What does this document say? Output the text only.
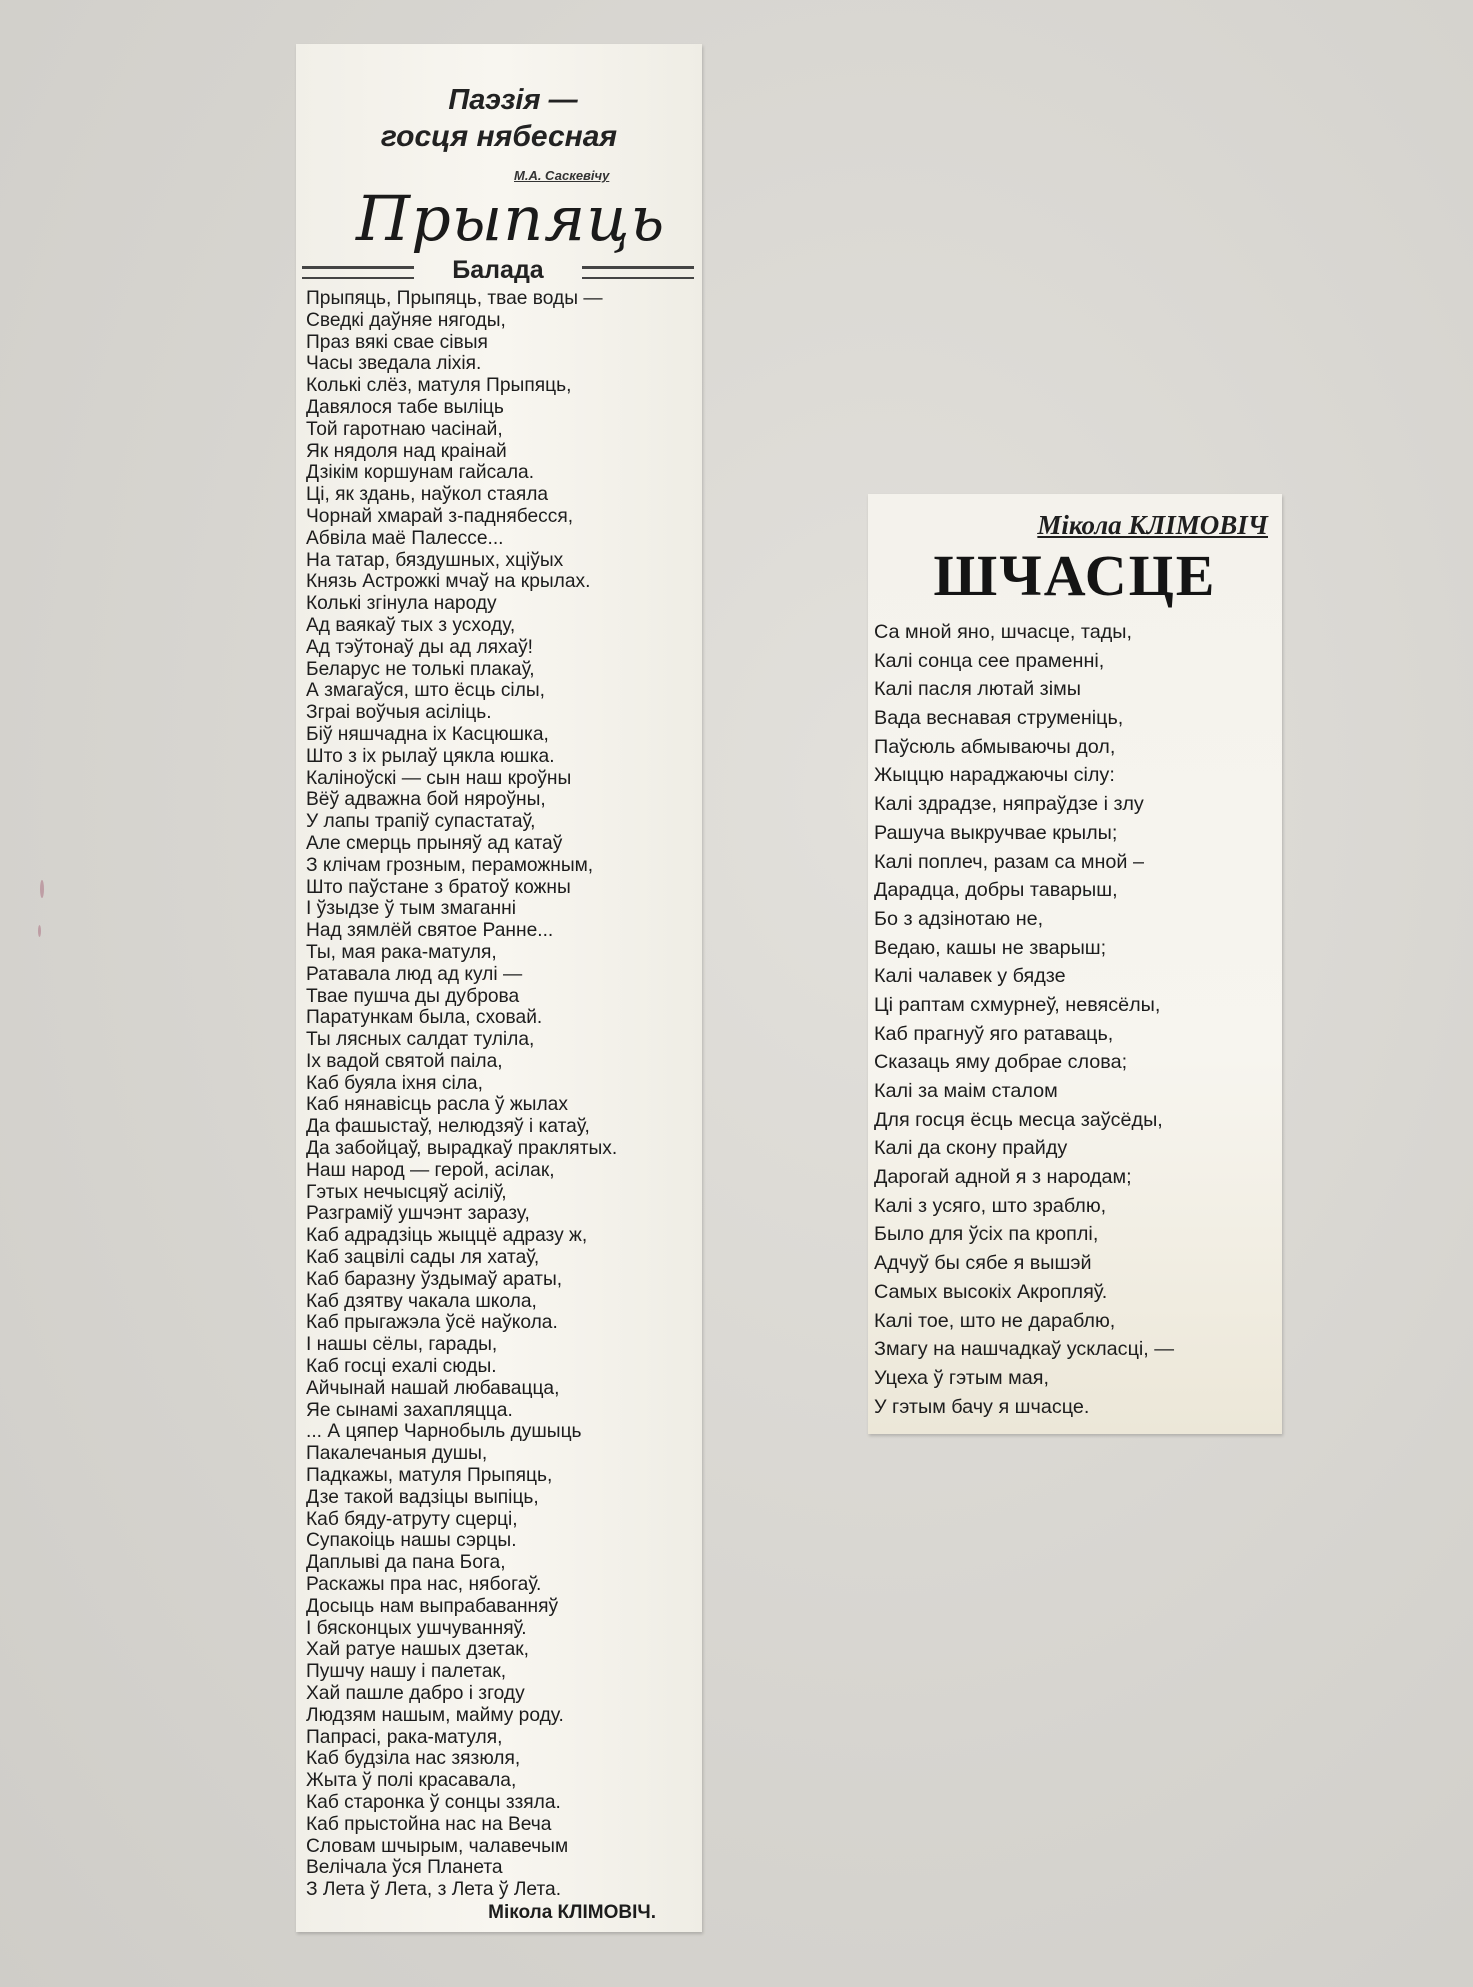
Паэзія —
госця нябесная
М.А. Саскевічу
Прыпяць
Балада
Прыпяць, Прыпяць, твае воды —
Сведкі даўняе нягоды,
Праз вякі свае сівыя
Часы зведала ліхія.
Колькі слёз, матуля Прыпяць,
Давялося табе выліць
Той гаротнаю часінай,
Як нядоля над краінай
Дзікім коршунам гайсала.
Ці, як здань, наўкол стаяла
Чорнай хмарай з-паднябесся,
Абвіла маё Палессе...
На татар, бяздушных, хціўых
Князь Астрожкі мчаў на крылах.
Колькі згінула народу
Ад ваякаў тых з усходу,
Ад тэўтонаў ды ад ляхаў!
Беларус не толькі плакаў,
А змагаўся, што ёсць сілы,
Зграі воўчыя асіліць.
Біў няшчадна іх Касцюшка,
Што з іх рылаў цякла юшка.
Каліноўскі — сын наш кроўны
Вёў адважна бой няроўны,
У лапы трапіў супастатаў,
Але смерць прыняў ад катаў
З клічам грозным, пераможным,
Што паўстане з братоў кожны
І ўзыдзе ў тым змаганні
Над зямлёй святое Ранне...
Ты, мая рака-матуля,
Ратавала люд ад кулі —
Твае пушча ды дуброва
Паратункам была, сховай.
Ты лясных салдат туліла,
Іх вадой святой паіла,
Каб буяла іхня сіла,
Каб нянавісць расла ў жылах
Да фашыстаў, нелюдзяў і катаў,
Да забойцаў, вырадкаў праклятых.
Наш народ — герой, асілак,
Гэтых нечысцяў асіліў,
Разграміў ушчэнт заразу,
Каб адрадзіць жыццё адразу ж,
Каб зацвілі сады ля хатаў,
Каб баразну ўздымаў араты,
Каб дзятву чакала школа,
Каб прыгажэла ўсё наўкола.
І нашы сёлы, гарады,
Каб госці ехалі сюды.
Айчынай нашай любавацца,
Яе сынамі захапляцца.
... А цяпер Чарнобыль душыць
Пакалечаныя душы,
Падкажы, матуля Прыпяць,
Дзе такой вадзіцы выпіць,
Каб бяду-атруту сцерці,
Супакоіць нашы сэрцы.
Даплыві да пана Бога,
Раскажы пра нас, нябогаў.
Досыць нам выпрабаванняў
І бясконцых ушчуванняў.
Хай ратуе нашых дзетак,
Пушчу нашу і палетак,
Хай пашле дабро і згоду
Людзям нашым, майму роду.
Папрасі, рака-матуля,
Каб будзіла нас зязюля,
Жыта ў полі красавала,
Каб старонка ў сонцы ззяла.
Каб прыстойна нас на Веча
Словам шчырым, чалавечым
Велічала ўся Планета
З Лета ў Лета, з Лета ў Лета.
Мікола КЛІМОВІЧ.
Мікола КЛІМОВІЧ
ШЧАСЦЕ
Са мной яно, шчасце, тады,
Калі сонца сее праменні,
Калі пасля лютай зімы
Вада веснавая струменіць,
Паўсюль абмываючы дол,
Жыццю нараджаючы сілу:
Калі здрадзе, няпраўдзе і злу
Рашуча выкручвае крылы;
Калі поплеч, разам са мной –
Дарадца, добры таварыш,
Бо з адзінотаю не,
Ведаю, кашы не зварыш;
Калі чалавек у бядзе
Ці раптам схмурнеў, невясёлы,
Каб прагнуў яго ратаваць,
Сказаць яму добрае слова;
Калі за маім сталом
Для госця ёсць месца заўсёды,
Калі да скону прайду
Дарогай адной я з народам;
Калі з усяго, што зраблю,
Было для ўсіх па кроплі,
Адчуў бы сябе я вышэй
Самых высокіх Акропляў.
Калі тое, што не дараблю,
Змагу на нашчадкаў ускласці, —
Уцеха ў гэтым мая,
У гэтым бачу я шчасце.
